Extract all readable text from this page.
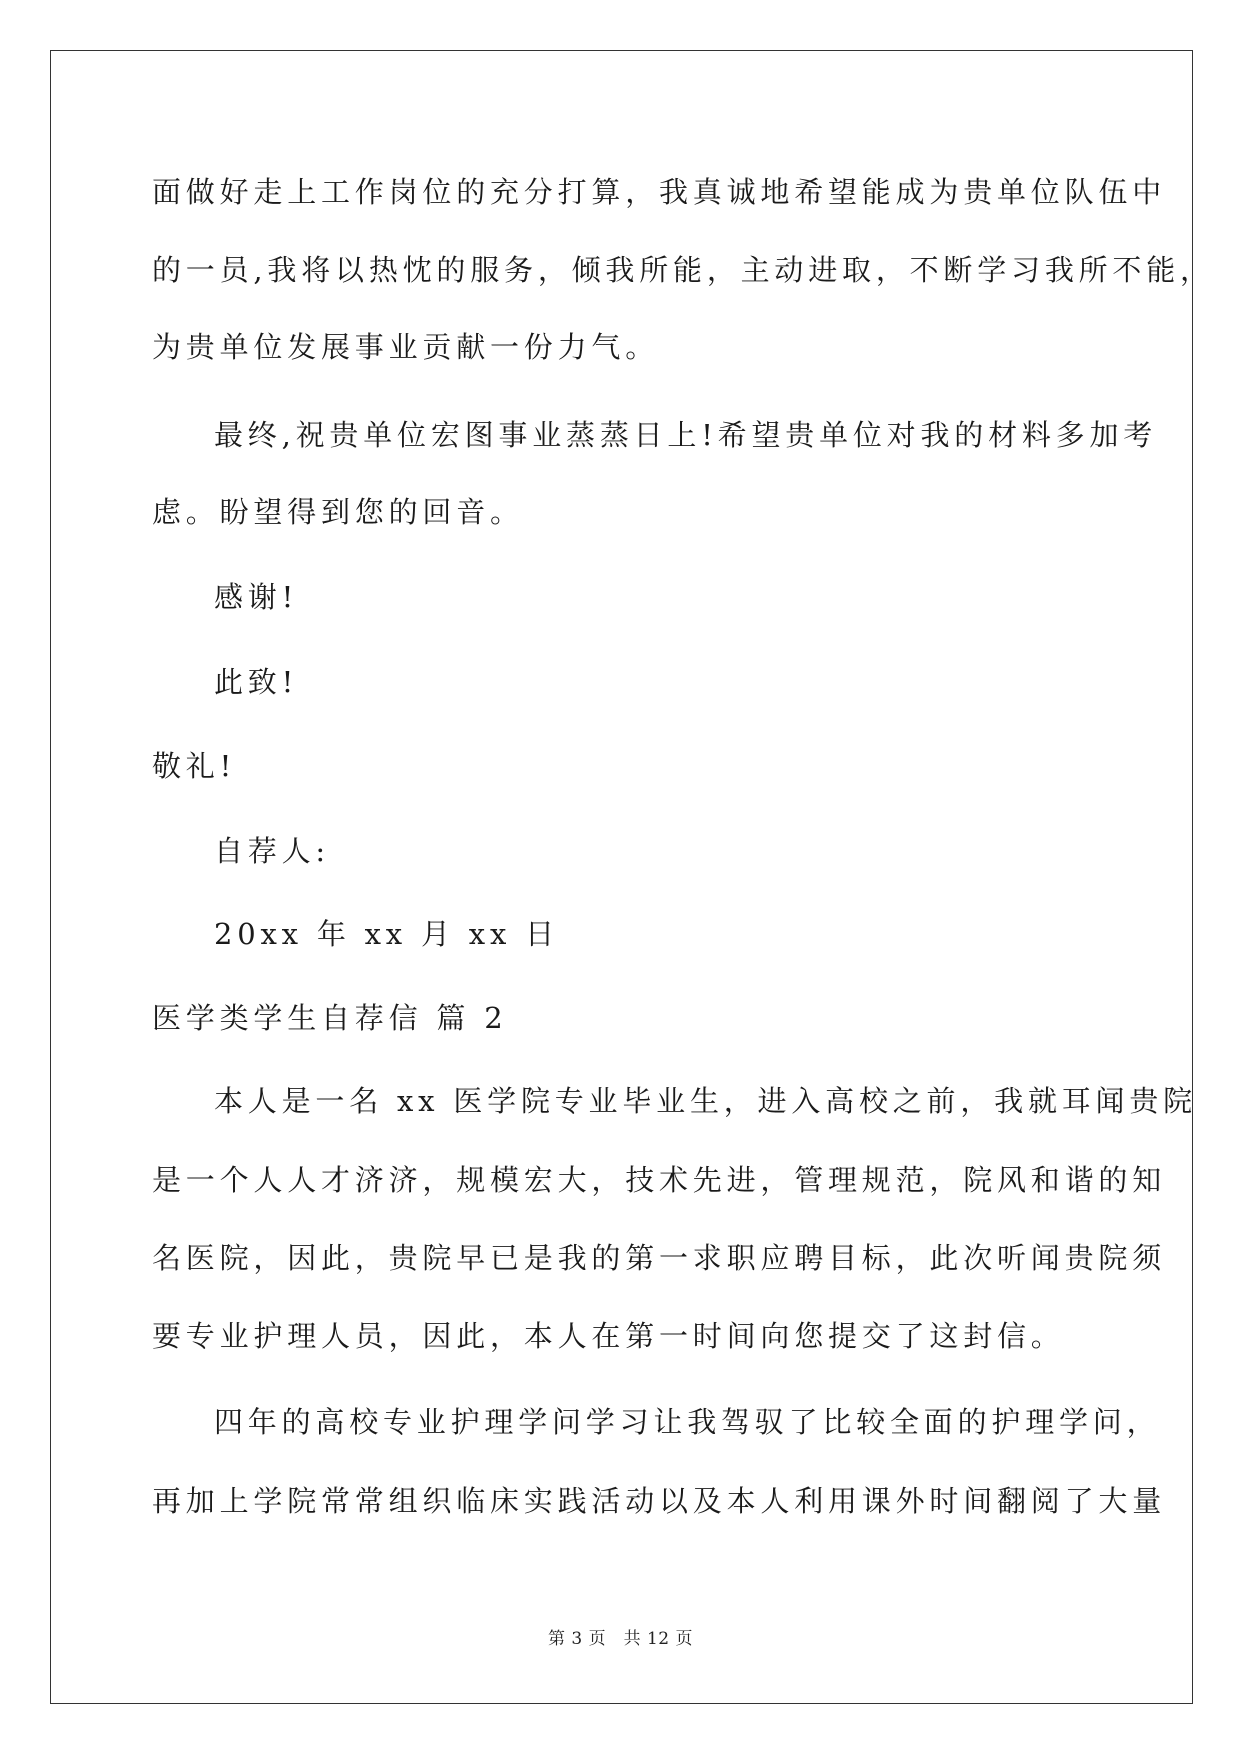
面做好走上工作岗位的充分打算，我真诚地希望能成为贵单位队伍中
的一员,我将以热忱的服务，倾我所能，主动进取，不断学习我所不能，
为贵单位发展事业贡献一份力气。
最终,祝贵单位宏图事业蒸蒸日上!希望贵单位对我的材料多加考
虑。盼望得到您的回音。
感谢!
此致!
敬礼!
自荐人:
20xx 年 xx 月 xx 日
医学类学生自荐信 篇 2
本人是一名 xx 医学院专业毕业生，进入高校之前，我就耳闻贵院
是一个人人才济济，规模宏大，技术先进，管理规范，院风和谐的知
名医院，因此，贵院早已是我的第一求职应聘目标，此次听闻贵院须
要专业护理人员，因此，本人在第一时间向您提交了这封信。
四年的高校专业护理学问学习让我驾驭了比较全面的护理学问，
再加上学院常常组织临床实践活动以及本人利用课外时间翻阅了大量
第 3 页　共 12 页
